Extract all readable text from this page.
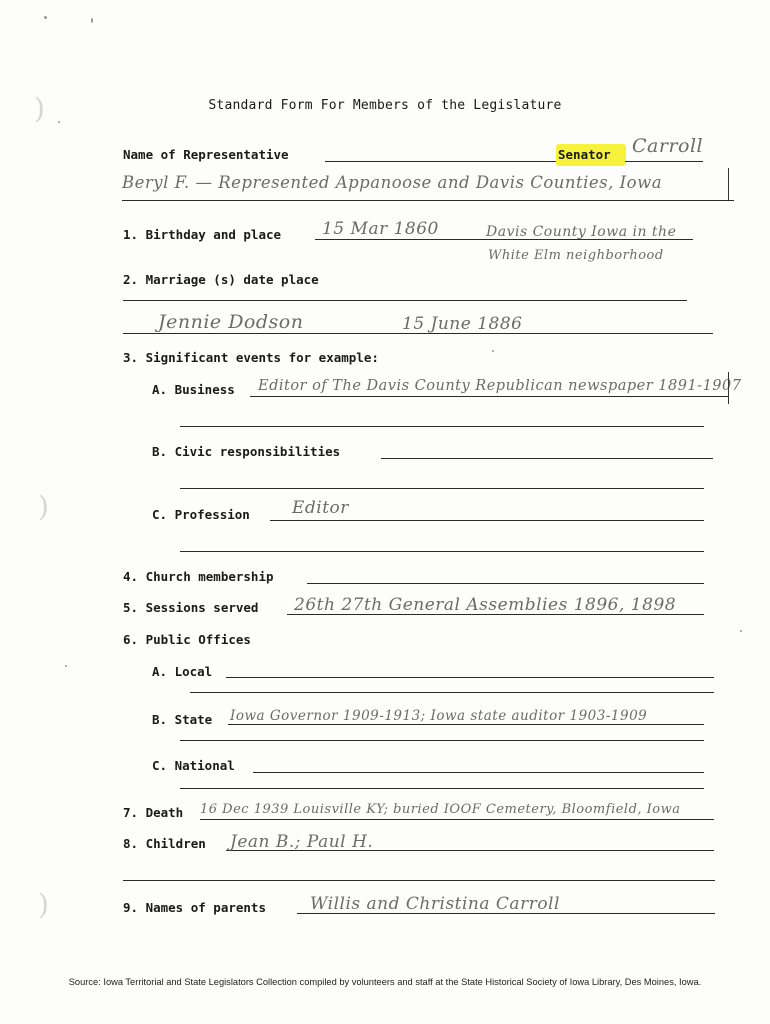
)
)
)
Standard Form For Members of the Legislature
Name of Representative	Senator Carroll
Beryl F. — Represented Appanoose and Davis Counties, Iowa
1. Birthday and place 15 Mar 1860	Davis County Iowa in the
White Elm neighborhood
2. Marriage (s) date place
Jennie Dodson	15 June 1886
3. Significant events for example:
A. Business Editor of The Davis County Republican newspaper 1891-1907
B. Civic responsibilities
C. Profession Editor
4. Church membership
5. Sessions served 26th 27th General Assemblies 1896, 1898
6. Public Offices
A. Local
B. State Iowa Governor 1909-1913; Iowa state auditor 1903-1909
C. National
7. Death 16 Dec 1939 Louisville KY; buried IOOF Cemetery, Bloomfield, Iowa
8. Children Jean B.; Paul H.
9. Names of parents	Willis and Christina Carroll
Source: Iowa Territorial and State Legislators Collection compiled by volunteers and staff at the State Historical Society of Iowa Library, Des Moines, Iowa.
